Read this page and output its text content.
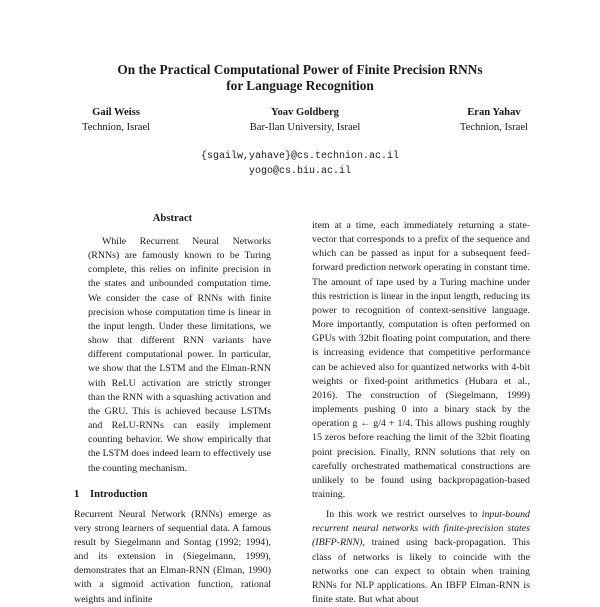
On the Practical Computational Power of Finite Precision RNNs
for Language Recognition
Gail Weiss
Technion, Israel
Yoav Goldberg
Bar-Ilan University, Israel
Eran Yahav
Technion, Israel
{sgailw,yahave}@cs.technion.ac.il
yogo@cs.biu.ac.il
Abstract

While Recurrent Neural Networks (RNNs) are famously known to be Turing complete, this relies on infinite precision in the states and unbounded computation time. We consider the case of RNNs with finite precision whose computation time is linear in the input length. Under these limitations, we show that different RNN variants have different computational power. In particular, we show that the LSTM and the Elman-RNN with ReLU activation are strictly stronger than the RNN with a squashing activation and the GRU. This is achieved because LSTMs and ReLU-RNNs can easily implement counting behavior. We show empirically that the LSTM does indeed learn to effectively use the counting mechanism.

1 Introduction

Recurrent Neural Network (RNNs) emerge as very strong learners of sequential data. A famous result by Siegelmann and Sontag (1992; 1994), and its extension in (Siegelmann, 1999), demonstrates that an Elman-RNN (Elman, 1990) with a sigmoid activation function, rational weights and infinite

item at a time, each immediately returning a state-vector that corresponds to a prefix of the sequence and which can be passed as input for a subsequent feed-forward prediction network operating in constant time. The amount of tape used by a Turing machine under this restriction is linear in the input length, reducing its power to recognition of context-sensitive language. More importantly, computation is often performed on GPUs with 32bit floating point computation, and there is increasing evidence that competitive performance can be achieved also for quantized networks with 4-bit weights or fixed-point arithmetics (Hubara et al., 2016). The construction of (Siegelmann, 1999) implements pushing 0 into a binary stack by the operation g ← g/4 + 1/4. This allows pushing roughly 15 zeros before reaching the limit of the 32bit floating point precision. Finally, RNN solutions that rely on carefully orchestrated mathematical constructions are unlikely to be found using backpropagation-based training.

In this work we restrict ourselves to input-bound recurrent neural networks with finite-precision states (IBFP-RNN), trained using back-propagation. This class of networks is likely to coincide with the networks one can expect to obtain when training RNNs for NLP applications. An IBFP Elman-RNN is finite state. But what about
